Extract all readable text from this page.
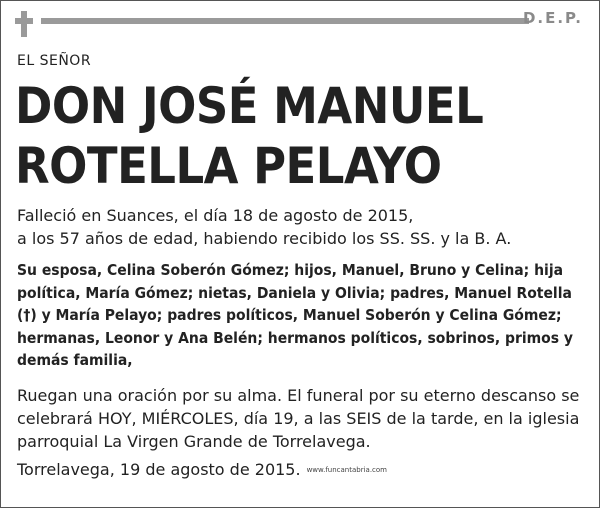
D.E.P.
EL SEÑOR
DON JOSÉ MANUEL
ROTELLA PELAYO
Falleció en Suances, el día 18 de agosto de 2015,
a los 57 años de edad, habiendo recibido los SS. SS. y la B. A.
Su esposa, Celina Soberón Gómez; hijos, Manuel, Bruno y Celina; hija política, María Gómez; nietas, Daniela y Olivia; padres, Manuel Rotella (†) y María Pelayo; padres políticos, Manuel Soberón y Celina Gómez; hermanas, Leonor y Ana Belén; hermanos políticos, sobrinos, primos y demás familia,
Ruegan una oración por su alma. El funeral por su eterno descanso se celebrará HOY, MIÉRCOLES, día 19, a las SEIS de la tarde, en la iglesia parroquial La Virgen Grande de Torrelavega.
Torrelavega, 19 de agosto de 2015. www.funcantabria.com
